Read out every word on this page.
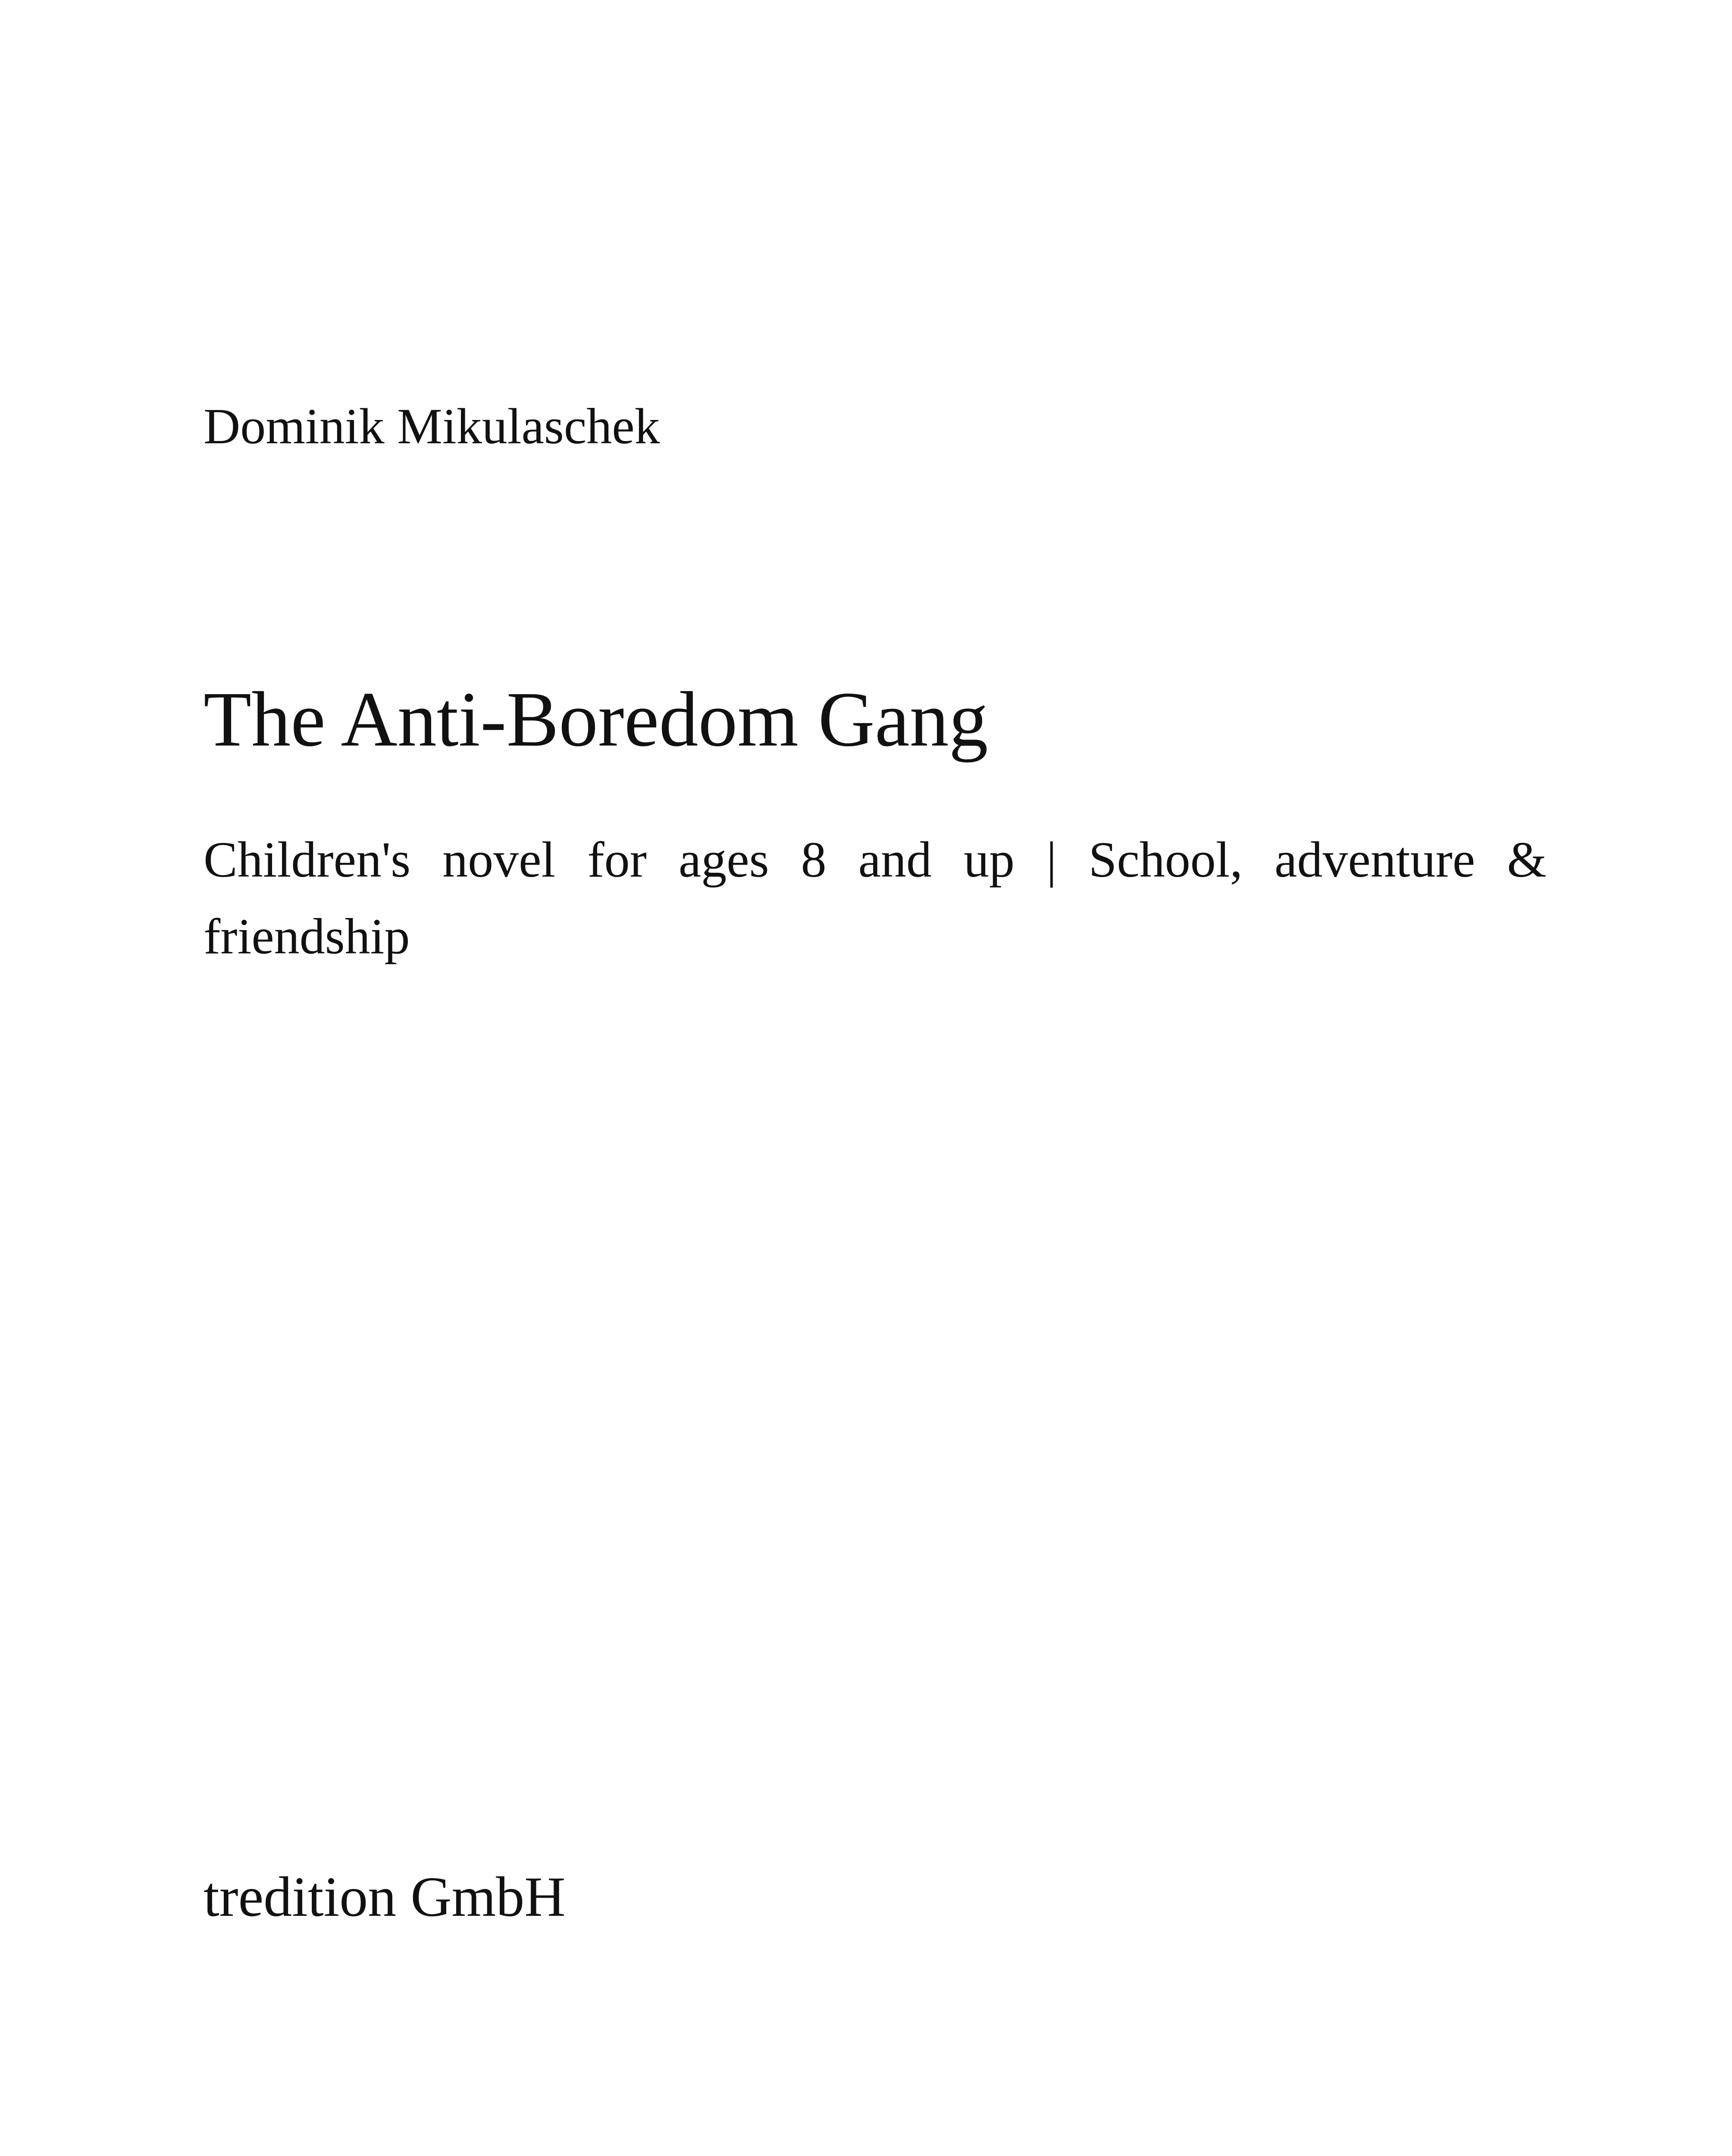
Dominik Mikulaschek
The Anti-Boredom Gang
Children's novel for ages 8 and up | School, adventure & friendship
tredition GmbH
